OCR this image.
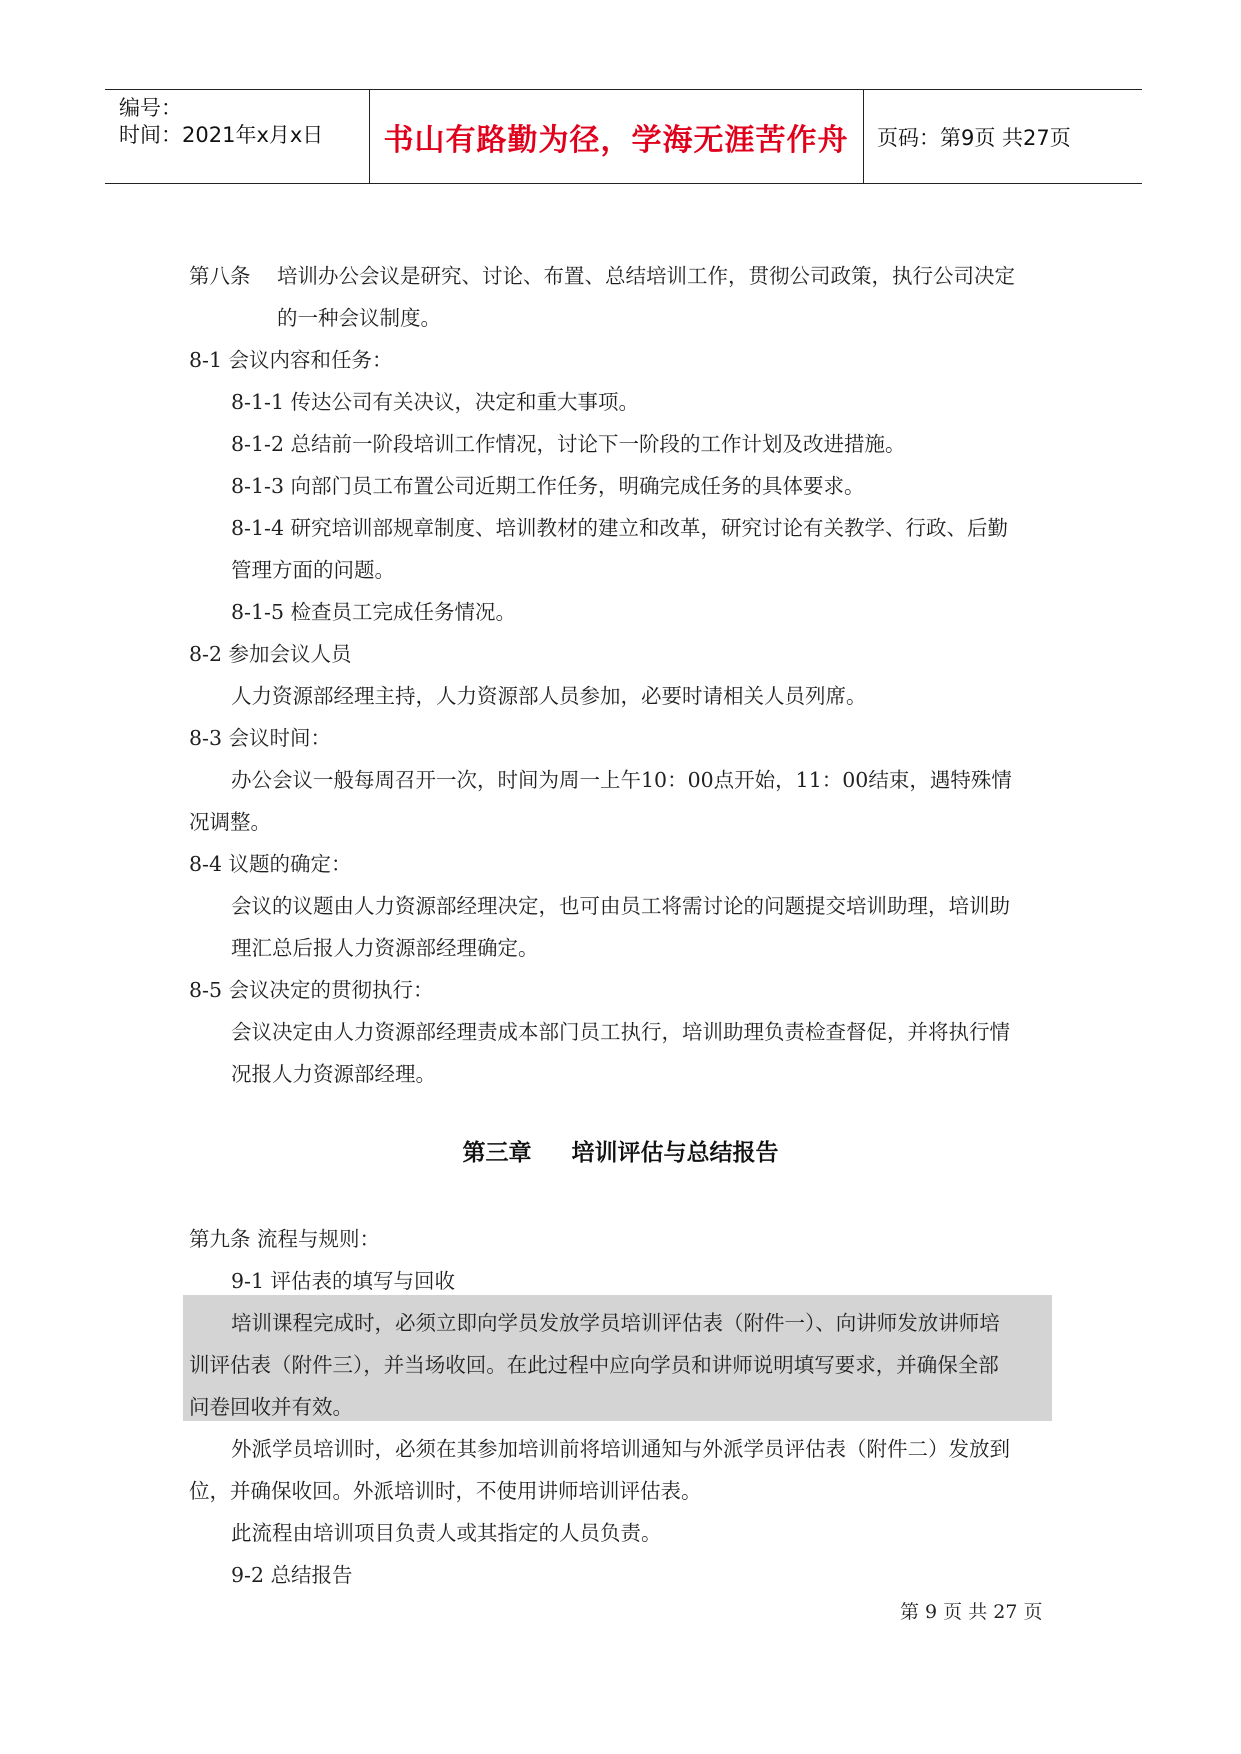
编号：
时间：2021年x月x日 书山有路勤为径，学海无涯苦作舟 页码：第9页 共27页
第八条 培训办公会议是研究、讨论、布置、总结培训工作，贯彻公司政策，执行公司决定
的一种会议制度。
8-1 会议内容和任务：
8-1-1 传达公司有关决议，决定和重大事项。
8-1-2 总结前一阶段培训工作情况，讨论下一阶段的工作计划及改进措施。
8-1-3 向部门员工布置公司近期工作任务，明确完成任务的具体要求。
8-1-4 研究培训部规章制度、培训教材的建立和改革，研究讨论有关教学、行政、后勤
管理方面的问题。
8-1-5 检查员工完成任务情况。
8-2 参加会议人员
人力资源部经理主持，人力资源部人员参加，必要时请相关人员列席。
8-3 会议时间：
办公会议一般每周召开一次，时间为周一上午10：00点开始，11：00结束，遇特殊情
况调整。
8-4 议题的确定：
会议的议题由人力资源部经理决定，也可由员工将需讨论的问题提交培训助理，培训助
理汇总后报人力资源部经理确定。
8-5 会议决定的贯彻执行：
会议决定由人力资源部经理责成本部门员工执行，培训助理负责检查督促，并将执行情
况报人力资源部经理。
第三章 培训评估与总结报告
第九条 流程与规则：
9-1 评估表的填写与回收
培训课程完成时，必须立即向学员发放学员培训评估表（附件一）、向讲师发放讲师培
训评估表（附件三），并当场收回。在此过程中应向学员和讲师说明填写要求，并确保全部
问卷回收并有效。
外派学员培训时，必须在其参加培训前将培训通知与外派学员评估表（附件二）发放到
位，并确保收回。外派培训时，不使用讲师培训评估表。
此流程由培训项目负责人或其指定的人员负责。
9-2 总结报告
第 9 页 共 27 页
